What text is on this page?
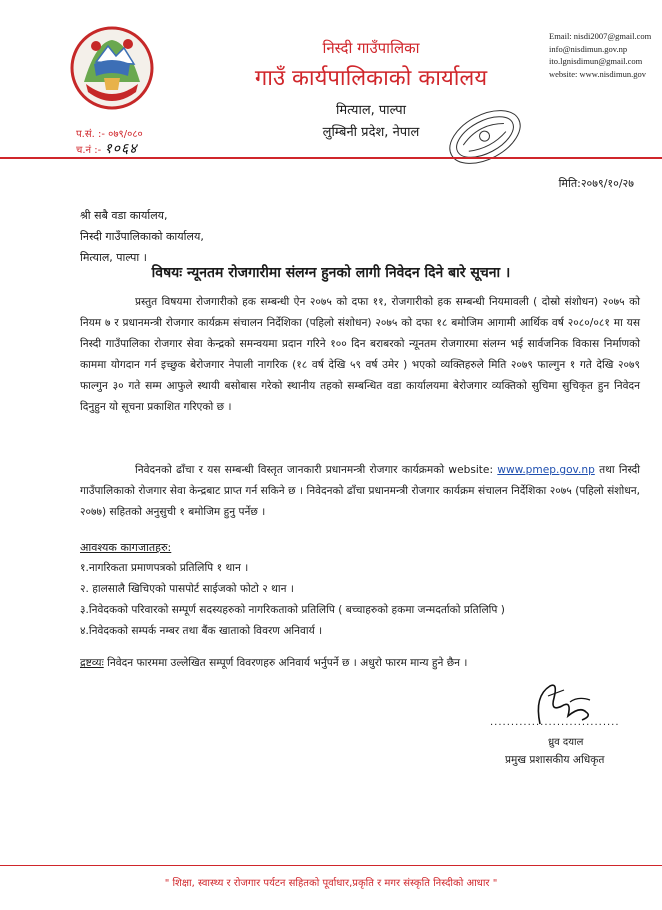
निस्दी गाउँपालिका
गाउँ कार्यपालिकाको कार्यालय
मित्याल, पाल्पा
लुम्बिनी प्रदेश, नेपाल
Email: nisdi2007@gmail.com
info@nisdimun.gov.np
ito.lgnisdimun@gmail.com
website: www.nisdimun.gov
प.सं. :- ०७९/०८०
च.नं :- १०६४
मिति:२०७९/१०/२७
श्री सबै वडा कार्यालय,
निस्दी गाउँपालिकाको कार्यालय,
मित्याल, पाल्पा ।
विषयः न्यूनतम रोजगारीमा संलग्न हुनको लागी निवेदन दिने बारे सूचना ।
प्रस्तुत विषयमा रोजगारीको हक सम्बन्धी ऐन २०७५ को दफा ११, रोजगारीको हक सम्बन्धी नियमावली ( दोस्रो संशोधन) २०७५ को नियम ७ र प्रधानमन्त्री रोजगार कार्यक्रम संचालन निर्देशिका (पहिलो संशोधन) २०७५ को दफा १८ बमोजिम आगामी आर्थिक वर्ष २०८०/०८१ मा यस निस्दी गाउँपालिका रोजगार सेवा केन्द्रको समन्वयमा प्रदान गरिने १०० दिन बराबरको न्यूनतम रोजगारमा संलग्न भई सार्वजनिक विकास निर्माणको काममा योगदान गर्न इच्छुक बेरोजगार नेपाली नागरिक (१८ वर्ष देखि ५९ वर्ष उमेर ) भएको व्यक्तिहरुले मिति २०७९ फाल्गुन १ गते देखि २०७९ फाल्गुन ३० गते सम्म आफुले स्थायी बसोबास गरेको स्थानीय तहको सम्बन्धित वडा कार्यालयमा बेरोजगार व्यक्तिको सुचिमा सुचिकृत हुन निवेदन दिनुहुन यो सूचना प्रकाशित गरिएको छ ।
निवेदनको ढाँचा र यस सम्बन्धी विस्तृत जानकारी प्रधानमन्त्री रोजगार कार्यक्रमको website: www.pmep.gov.np तथा निस्दी गाउँपालिकाको रोजगार सेवा केन्द्रबाट प्राप्त गर्न सकिने छ । निवेदनको ढाँचा प्रधानमन्त्री रोजगार कार्यक्रम संचालन निर्देशिका २०७५ (पहिलो संशोधन, २०७७) सहितको अनुसुची १ बमोजिम हुनु पर्नेछ ।
आवश्यक कागजातहरु:
१.नागरिकता प्रमाणपत्रको प्रतिलिपि १ थान ।
२. हालसालै खिचिएको पासपोर्ट साईजको फोटो २ थान ।
३.निवेदकको परिवारको सम्पूर्ण सदस्यहरुको नागरिकताको प्रतिलिपि ( बच्चाहरुको हकमा जन्मदर्ताको प्रतिलिपि )
४.निवेदकको सम्पर्क नम्बर तथा बैंक खाताको विवरण अनिवार्य ।
द्रष्टव्यः निवेदन फारममा उल्लेखित सम्पूर्ण विवरणहरु अनिवार्य भर्नुपर्ने छ । अधुरो फारम मान्य हुने छैन ।
...............................
ध्रुव दयाल
प्रमुख प्रशासकीय अधिकृत
" शिक्षा, स्वास्थ्य र रोजगार पर्यटन सहितको पूर्वाधार,प्रकृति र मगर संस्कृति निस्दीको आधार "
